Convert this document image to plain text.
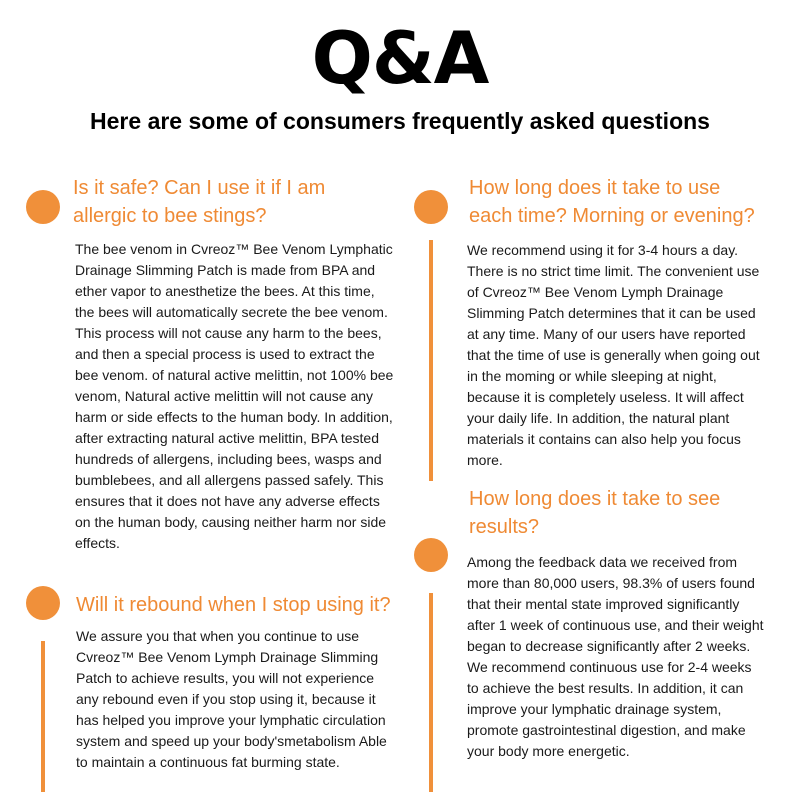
Q&A
Here are some of consumers frequently asked questions
Is it safe? Can I use it if I am allergic to bee stings?
The bee venom in Cvreoz™ Bee Venom Lymphatic Drainage Slimming Patch is made from BPA and ether vapor to anesthetize the bees. At this time, the bees will automatically secrete the bee venom. This process will not cause any harm to the bees, and then a special process is used to extract the bee venom. of natural active melittin, not 100% bee venom, Natural active melittin will not cause any harm or side effects to the human body. In addition, after extracting natural active melittin, BPA tested hundreds of allergens, including bees, wasps and bumblebees, and all allergens passed safely. This ensures that it does not have any adverse effects on the human body, causing neither harm nor side effects.
Will it rebound when I stop using it?
We assure you that when you continue to use Cvreoz™ Bee Venom Lymph Drainage Slimming Patch to achieve results, you will not experience any rebound even if you stop using it, because it has helped you improve your lymphatic circulation system and speed up your body'smetabolism Able to maintain a continuous fat burming state.
How long does it take to use each time? Morning or evening?
We recommend using it for 3-4 hours a day. There is no strict time limit. The convenient use of Cvreoz™ Bee Venom Lymph Drainage Slimming Patch determines that it can be used at any time. Many of our users have reported that the time of use is generally when going out in the moming or while sleeping at night, because it is completely useless. It will affect your daily life. In addition, the natural plant materials it contains can also help you focus more.
How long does it take to see results?
Among the feedback data we received from more than 80,000 users, 98.3% of users found that their mental state improved significantly after 1 week of continuous use, and their weight began to decrease significantly after 2 weeks. We recommend continuous use for 2-4 weeks to achieve the best results. In addition, it can improve your lymphatic drainage system, promote gastrointestinal digestion, and make your body more energetic.
